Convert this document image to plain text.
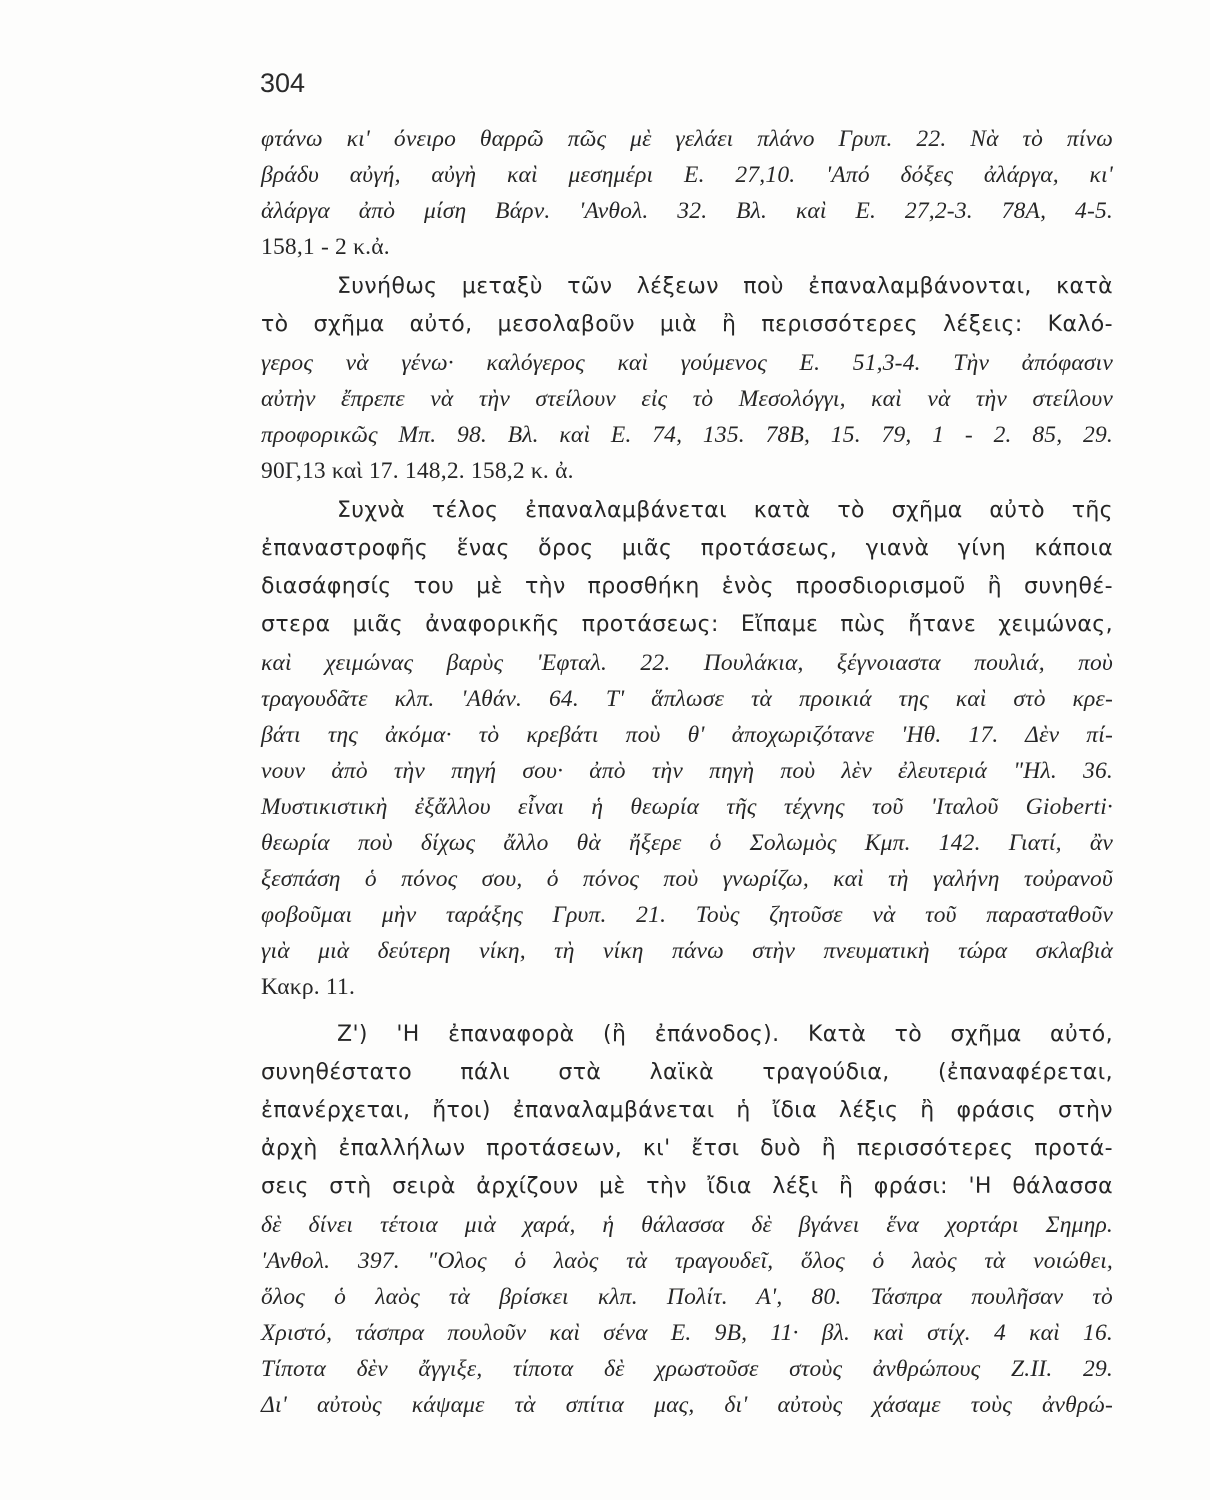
304
φτάνω κι' όνειρο θαρρῶ πῶς μὲ γελάει πλάνο Γρυπ. 22. Νὰ τὸ πίνω
βράδυ αὐγή, αὐγὴ καὶ μεσημέρι Ε. 27,10. 'Από δόξες ἀλάργα, κι'
ἀλάργα ἀπὸ μίση Βάρν. 'Ανθολ. 32. Βλ. καὶ Ε. 27,2-3. 78Α, 4-5.
158,1 - 2 κ.ἀ.
Συνήθως μεταξὺ τῶν λέξεων ποὺ ἐπαναλαμβάνονται, κατὰ
τὸ σχῆμα αὐτό, μεσολαβοῦν μιὰ ἢ περισσότερες λέξεις: Καλό-
γερος νὰ γένω· καλόγερος καὶ γούμενος Ε. 51,3-4. Τὴν ἀπόφασιν
αὐτὴν ἔπρεπε νὰ τὴν στείλουν εἰς τὸ Μεσολόγγι, καὶ νὰ τὴν στείλουν
προφορικῶς Μπ. 98. Βλ. καὶ Ε. 74, 135. 78Β, 15. 79, 1 - 2. 85, 29.
90Γ,13 καὶ 17. 148,2. 158,2 κ. ἀ.
Συχνὰ τέλος ἐπαναλαμβάνεται κατὰ τὸ σχῆμα αὐτὸ τῆς
ἐπαναστροφῆς ἕνας ὅρος μιᾶς προτάσεως, γιανὰ γίνη κάποια
διασάφησίς του μὲ τὴν προσθήκη ἑνὸς προσδιορισμοῦ ἢ συνηθέ-
στερα μιᾶς ἀναφορικῆς προτάσεως: Εἴπαμε πὼς ἤτανε χειμώνας,
καὶ χειμώνας βαρὺς 'Εφταλ. 22. Πουλάκια, ξέγνοιαστα πουλιά, ποὺ
τραγουδᾶτε κλπ. 'Αθάν. 64. Τ' ἅπλωσε τὰ προικιά της καὶ στὸ κρε-
βάτι της ἀκόμα· τὸ κρεβάτι ποὺ θ' ἀποχωριζότανε 'Ηθ. 17. Δὲν πί-
νουν ἀπὸ τὴν πηγή σου· ἀπὸ τὴν πηγὴ ποὺ λὲν ἐλευτεριά "Ηλ. 36.
Μυστικιστικὴ ἐξἄλλου εἶναι ἡ θεωρία τῆς τέχνης τοῦ 'Ιταλοῦ Gioberti·
θεωρία ποὺ δίχως ἄλλο θὰ ἤξερε ὁ Σολωμὸς Κμπ. 142. Γιατί, ἂν
ξεσπάση ὁ πόνος σου, ὁ πόνος ποὺ γνωρίζω, καὶ τὴ γαλήνη τοὐρανοῦ
φοβοῦμαι μὴν ταράξης Γρυπ. 21. Τοὺς ζητοῦσε νὰ τοῦ παρασταθοῦν
γιὰ μιὰ δεύτερη νίκη, τὴ νίκη πάνω στὴν πνευματικὴ τώρα σκλαβιὰ
Κακρ. 11.
Ζ') 'Η ἐπαναφορὰ (ἢ ἐπάνοδος). Κατὰ τὸ σχῆμα αὐτό,
συνηθέστατο πάλι στὰ λαϊκὰ τραγούδια, (ἐπαναφέρεται,
ἐπανέρχεται, ἤτοι) ἐπαναλαμβάνεται ἡ ἴδια λέξις ἢ φράσις στὴν
ἀρχὴ ἐπαλλήλων προτάσεων, κι' ἔτσι δυὸ ἢ περισσότερες προτά-
σεις στὴ σειρὰ ἀρχίζουν μὲ τὴν ἴδια λέξι ἢ φράσι: 'Η θάλασσα
δὲ δίνει τέτοια μιὰ χαρά, ἡ θάλασσα δὲ βγάνει ἕνα χορτάρι Σημηρ.
'Ανθολ. 397. "Ολος ὁ λαὸς τὰ τραγουδεῖ, ὅλος ὁ λαὸς τὰ νοιώθει,
ὅλος ὁ λαὸς τὰ βρίσκει κλπ. Πολίτ. Α', 80. Τάσπρα πουλῆσαν τὸ
Χριστό, τάσπρα πουλοῦν καὶ σένα Ε. 9Β, 11· βλ. καὶ στίχ. 4 καὶ 16.
Τίποτα δὲν ἄγγιξε, τίποτα δὲ χρωστοῦσε στοὺς ἀνθρώπους Ζ.ΙΙ. 29.
Δι' αὐτοὺς κάψαμε τὰ σπίτια μας, δι' αὐτοὺς χάσαμε τοὺς ἀνθρώ-
